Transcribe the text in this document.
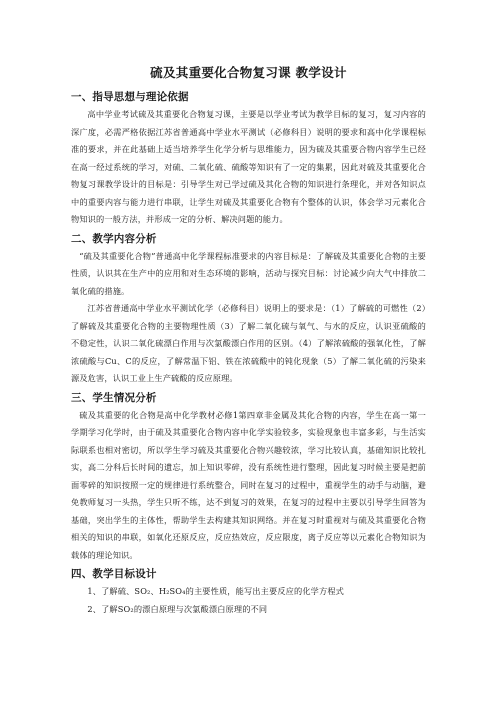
硫及其重要化合物复习课 教学设计
一、指导思想与理论依据

高中学业考试硫及其重要化合物复习课，主要是以学业考试为教学目标的复习，复习内容的深广度，必需严格依据江苏省普通高中学业水平测试（必修科目）说明的要求和高中化学课程标准的要求，并在此基础上适当培养学生化学分析与思维能力，因为硫及其重要合物内容学生已经在高一经过系统的学习，对硫、二氧化硫、硫酸等知识有了一定的集累，因此对硫及其重要化合物复习课教学设计的目标是：引导学生对已学过硫及其化合物的知识进行条理化，并对各知识点中的重要内容与能力进行串联，让学生对硫及其重要化合物有个整体的认识，体会学习元素化合物知识的一般方法，并形成一定的分析、解决问题的能力。

二、教学内容分析

“硫及其重要化合物”普通高中化学课程标准要求的内容目标是：了解硫及其重要化合物的主要性质，认识其在生产中的应用和对生态环境的影响，活动与探究目标：讨论减少向大气中排放二氧化硫的措施。

江苏省普通高中学业水平测试化学（必修科目）说明上的要求是：（1）了解硫的可燃性（2）了解硫及其重要化合物的主要物理性质（3）了解二氧化硫与氧气、与水的反应，认识亚硫酸的不稳定性，认识二氧化硫漂白作用与次氯酸漂白作用的区别。（4）了解浓硫酸的强氧化性，了解浓硫酸与Cu、C的反应，了解常温下铝、铁在浓硫酸中的钝化现象（5）了解二氧化硫的污染来源及危害，认识工业上生产硫酸的反应原理。

三、学生情况分析

硫及其重要的化合物是高中化学教材必修1第四章非金属及其化合物的内容，学生在高一第一学期学习化学时，由于硫及其重要化合物内容中化学实验较多，实验现象也丰富多彩，与生活实际联系也相对密切，所以学生学习硫及其重要化合物兴趣较浓，学习比较认真，基础知识比较扎实，高二分科后长时间的遗忘，加上知识零碎，没有系统性进行整理，因此复习时候主要是把前面零碎的知识按照一定的规律进行系统整合，同时在复习的过程中，重视学生的动手与动脑，避免教师复习一头热，学生只听不练，达不到复习的效果，在复习的过程中主要以引导学生回答为基础，突出学生的主体性，帮助学生去构建其知识网络。并在复习时重视对与硫及其重要化合物相关的知识的串联，如氧化还原反应，反应热效应，反应限度，离子反应等以元素化合物知识为载体的理论知识。

四、教学目标设计

1、了解硫、SO₂、H₂SO₄的主要性质，能写出主要反应的化学方程式

2、了解SO₂的漂白原理与次氯酸漂白原理的不同
